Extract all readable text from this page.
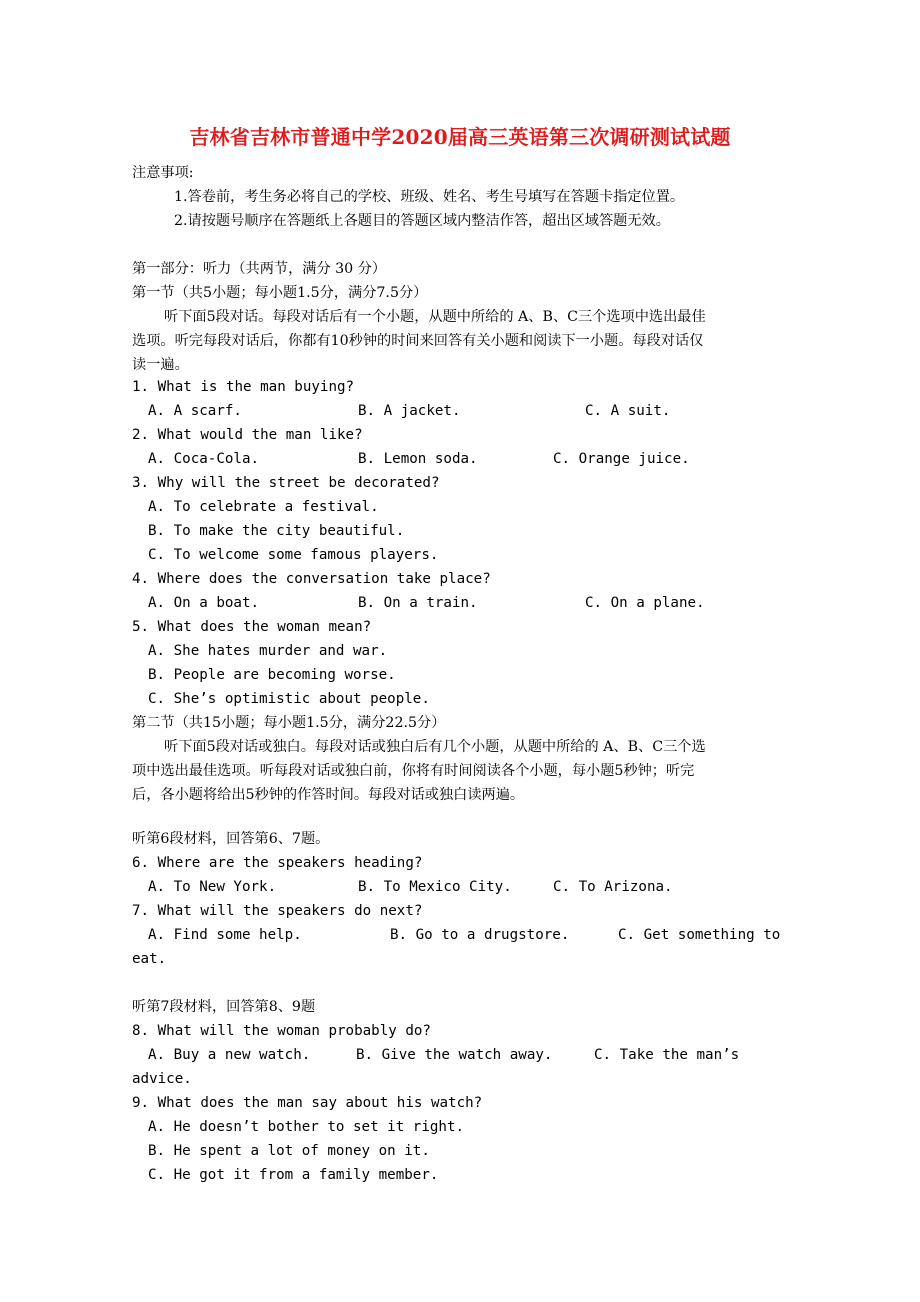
吉林省吉林市普通中学2020届高三英语第三次调研测试试题
注意事项:
1.答卷前，考生务必将自己的学校、班级、姓名、考生号填写在答题卡指定位置。
2.请按题号顺序在答题纸上各题目的答题区域内整洁作答，超出区域答题无效。
第一部分：听力（共两节，满分 30 分）
第一节（共5小题；每小题1.5分，满分7.5分）
听下面5段对话。每段对话后有一个小题，从题中所给的 A、B、C三个选项中选出最佳
选项。听完每段对话后，你都有10秒钟的时间来回答有关小题和阅读下一小题。每段对话仅
读一遍。
1. What is the man buying?
A. A scarf.	B. A jacket.	C. A suit.
2. What would the man like?
A. Coca-Cola.	B. Lemon soda.	C. Orange juice.
3. Why will the street be decorated?
A. To celebrate a festival.
B. To make the city beautiful.
C. To welcome some famous players.
4. Where does the conversation take place?
A. On a boat.	B. On a train.	C. On a plane.
5. What does the woman mean?
A. She hates murder and war.
B. People are becoming worse.
C. She’s optimistic about people.
第二节（共15小题；每小题1.5分，满分22.5分）
听下面5段对话或独白。每段对话或独白后有几个小题，从题中所给的 A、B、C三个选
项中选出最佳选项。听每段对话或独白前，你将有时间阅读各个小题，每小题5秒钟；听完
后，各小题将给出5秒钟的作答时间。每段对话或独白读两遍。
听第6段材料，回答第6、7题。
6. Where are the speakers heading?
A. To New York.	B. To Mexico City.	C. To Arizona.
7. What will the speakers do next?
A. Find some help.	B. Go to a drugstore.	C. Get something to
eat.
听第7段材料，回答第8、9题
8. What will the woman probably do?
A. Buy a new watch.	B. Give the watch away.	C. Take the man’s
advice.
9. What does the man say about his watch?
A. He doesn’t bother to set it right.
B. He spent a lot of money on it.
C. He got it from a family member.
